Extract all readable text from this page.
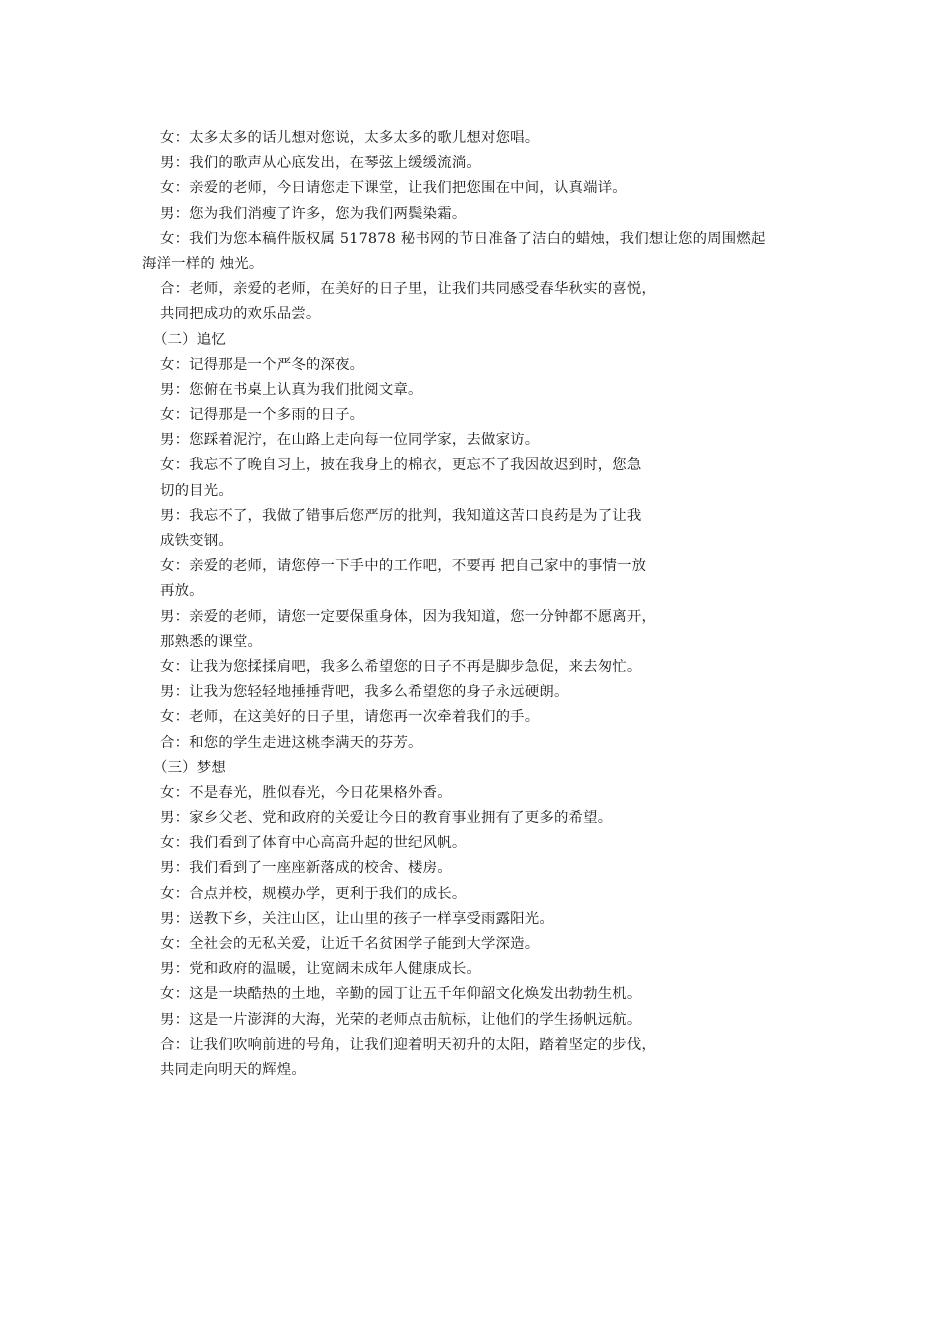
女：太多太多的话儿想对您说，太多太多的歌儿想对您唱。
男：我们的歌声从心底发出，在琴弦上缓缓流淌。
女：亲爱的老师，今日请您走下课堂，让我们把您围在中间，认真端详。
男：您为我们消瘦了许多，您为我们两鬓染霜。
女：我们为您本稿件版权属 517878 秘书网的节日准备了洁白的蜡烛，我们想让您的周围燃起
海洋一样的 烛光。
合：老师，亲爱的老师，在美好的日子里，让我们共同感受春华秋实的喜悦，
共同把成功的欢乐品尝。
（二）追忆
女：记得那是一个严冬的深夜。
男：您俯在书桌上认真为我们批阅文章。
女：记得那是一个多雨的日子。
男：您踩着泥泞，在山路上走向每一位同学家，去做家访。
女：我忘不了晚自习上，披在我身上的棉衣，更忘不了我因故迟到时，您急
切的目光。
男：我忘不了，我做了错事后您严厉的批判，我知道这苦口良药是为了让我
成铁变钢。
女：亲爱的老师，请您停一下手中的工作吧，不要再 把自己家中的事情一放
再放。
男：亲爱的老师，请您一定要保重身体，因为我知道，您一分钟都不愿离开，
那熟悉的课堂。
女：让我为您揉揉肩吧，我多么希望您的日子不再是脚步急促，来去匆忙。
男：让我为您轻轻地捶捶背吧，我多么希望您的身子永远硬朗。
女：老师，在这美好的日子里，请您再一次牵着我们的手。
合：和您的学生走进这桃李满天的芬芳。
（三）梦想
女：不是春光，胜似春光，今日花果格外香。
男：家乡父老、党和政府的关爱让今日的教育事业拥有了更多的希望。
女：我们看到了体育中心高高升起的世纪风帆。
男：我们看到了一座座新落成的校舍、楼房。
女：合点并校，规模办学，更利于我们的成长。
男：送教下乡，关注山区，让山里的孩子一样享受雨露阳光。
女：全社会的无私关爱，让近千名贫困学子能到大学深造。
男：党和政府的温暖，让宽阔未成年人健康成长。
女：这是一块酷热的土地，辛勤的园丁让五千年仰韶文化焕发出勃勃生机。
男：这是一片澎湃的大海，光荣的老师点击航标，让他们的学生扬帆远航。
合：让我们吹响前进的号角，让我们迎着明天初升的太阳，踏着坚定的步伐，
共同走向明天的辉煌。
